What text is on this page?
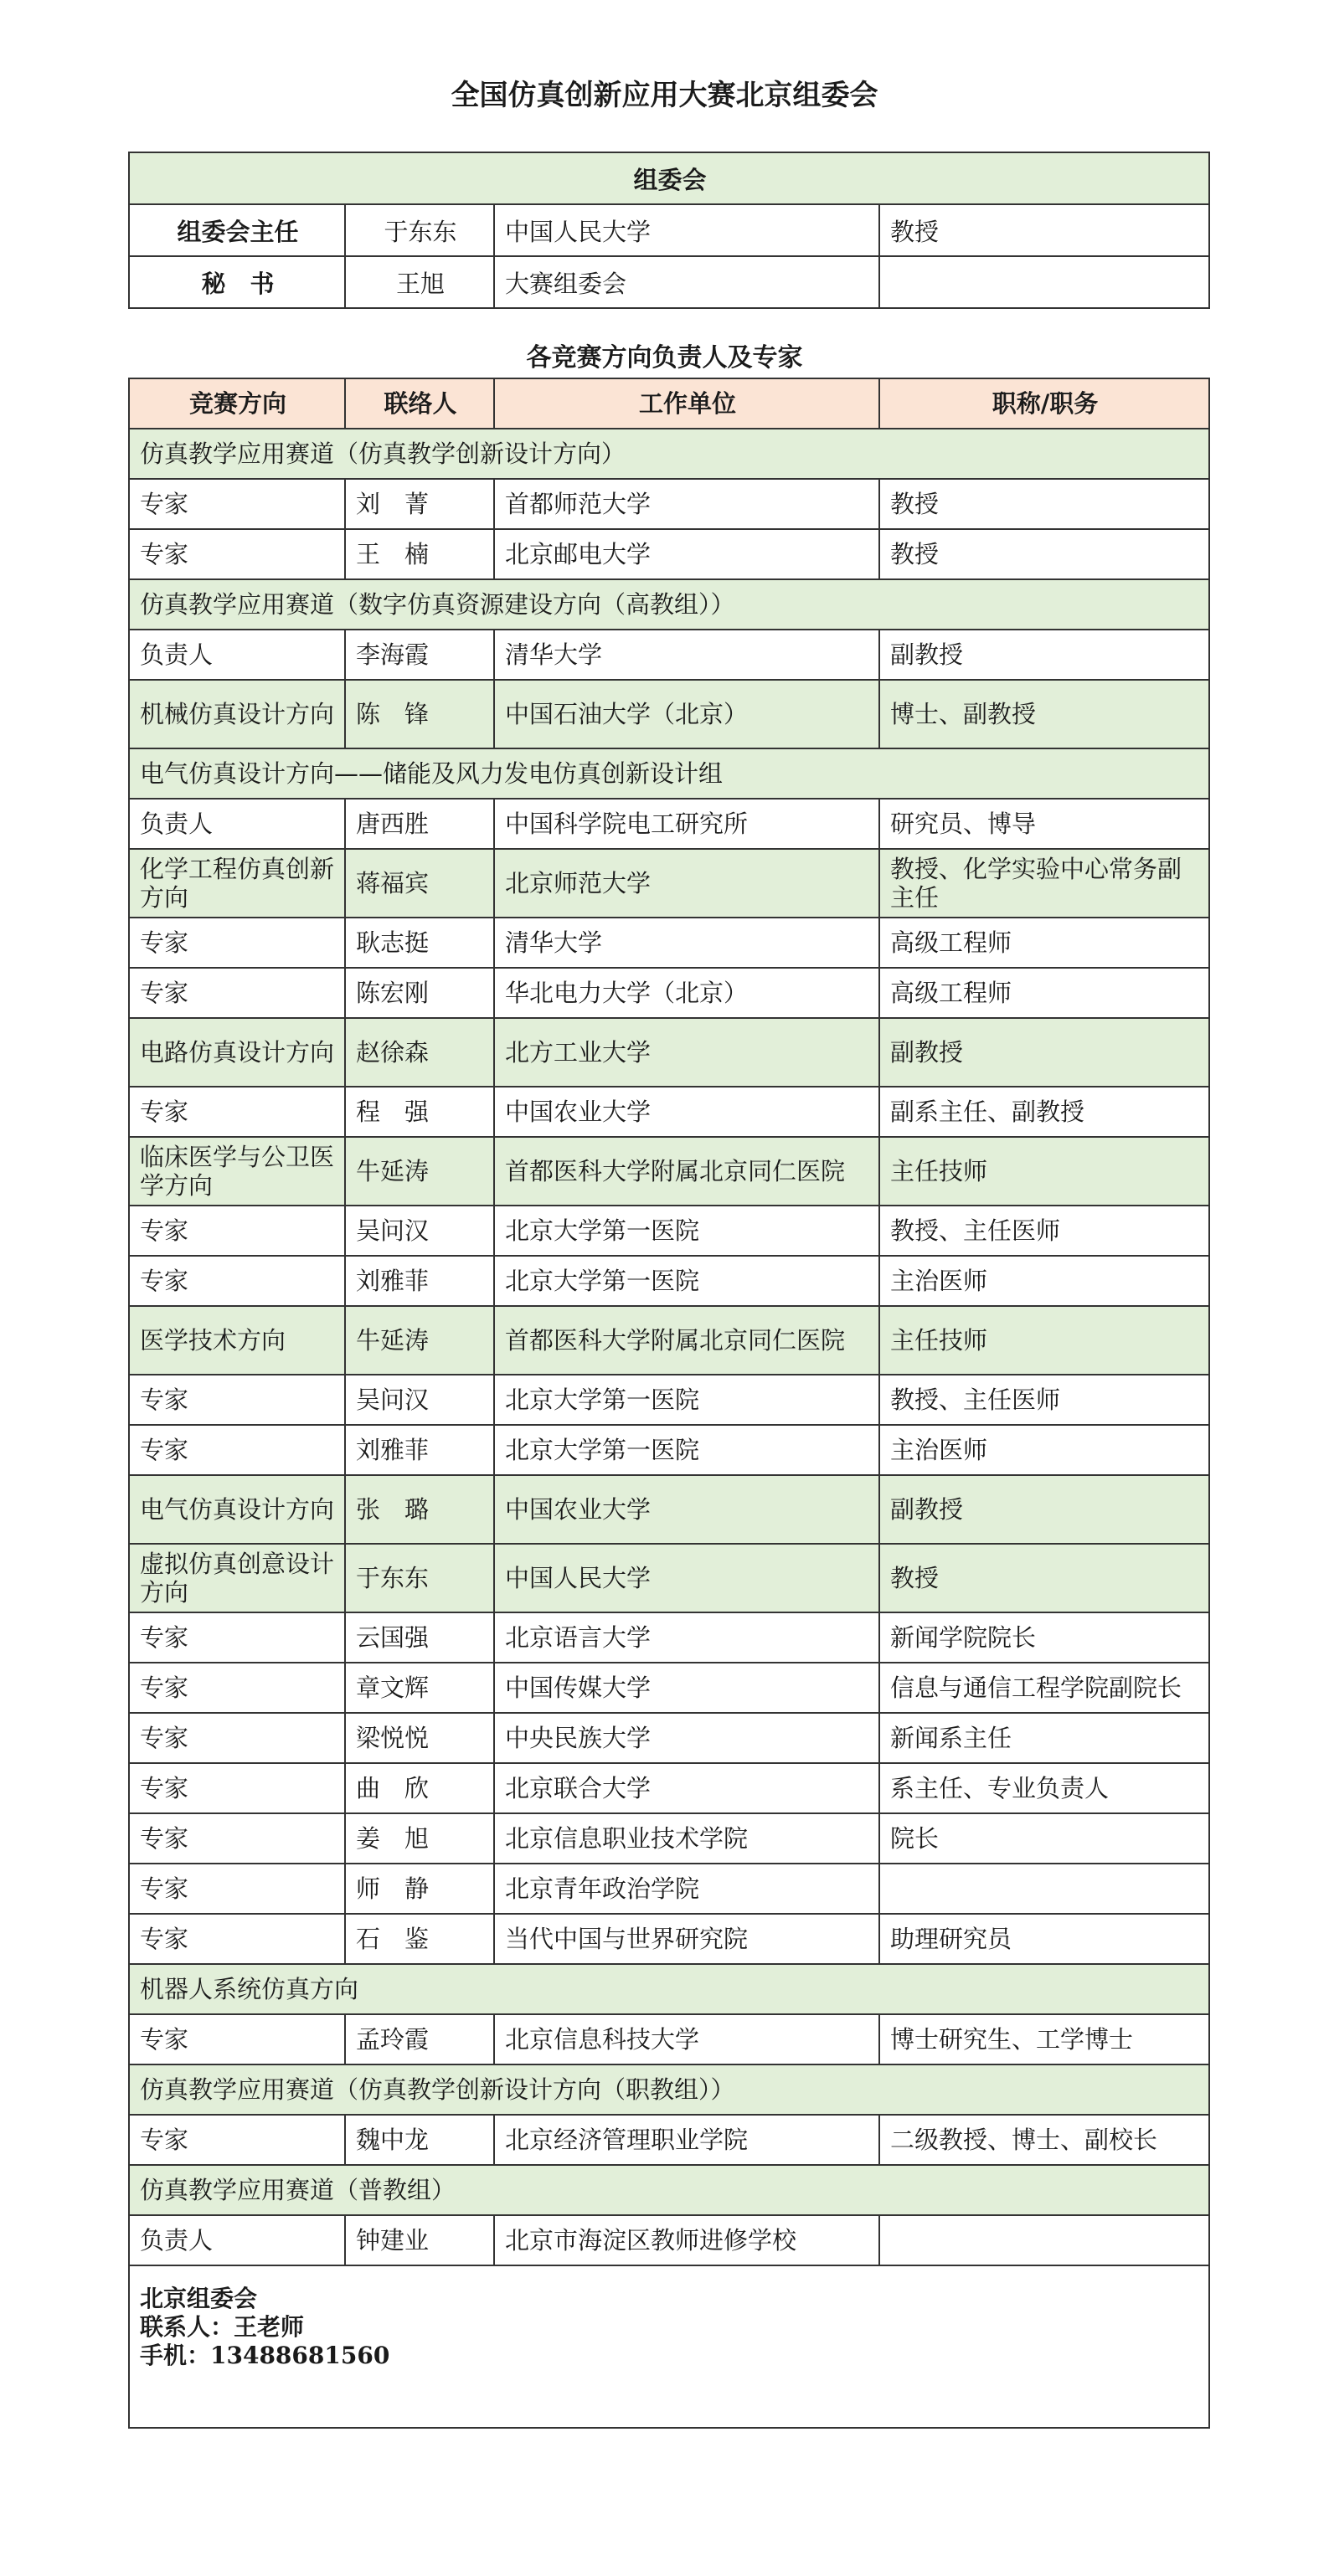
全国仿真创新应用大赛北京组委会
组委会			
组委会主任	于东东	中国人民大学	教授
秘　书	王旭	大赛组委会	
各竞赛方向负责人及专家
竞赛方向	联络人	工作单位	职称/职务
仿真教学应用赛道（仿真教学创新设计方向）			
专家	刘　菁	首都师范大学	教授
专家	王　楠	北京邮电大学	教授
仿真教学应用赛道（数字仿真资源建设方向（高教组））			
负责人	李海霞	清华大学	副教授
机械仿真设计方向	陈　锋	中国石油大学（北京）	博士、副教授
电气仿真设计方向——储能及风力发电仿真创新设计组			
负责人	唐西胜	中国科学院电工研究所	研究员、博导
化学工程仿真创新方向	蒋福宾	北京师范大学	教授、化学实验中心常务副主任
专家	耿志挺	清华大学	高级工程师
专家	陈宏刚	华北电力大学（北京）	高级工程师
电路仿真设计方向	赵徐森	北方工业大学	副教授
专家	程　强	中国农业大学	副系主任、副教授
临床医学与公卫医学方向	牛延涛	首都医科大学附属北京同仁医院	主任技师
专家	吴问汉	北京大学第一医院	教授、主任医师
专家	刘雅菲	北京大学第一医院	主治医师
医学技术方向	牛延涛	首都医科大学附属北京同仁医院	主任技师
专家	吴问汉	北京大学第一医院	教授、主任医师
专家	刘雅菲	北京大学第一医院	主治医师
电气仿真设计方向	张　璐	中国农业大学	副教授
虚拟仿真创意设计方向	于东东	中国人民大学	教授
专家	云国强	北京语言大学	新闻学院院长
专家	章文辉	中国传媒大学	信息与通信工程学院副院长
专家	梁悦悦	中央民族大学	新闻系主任
专家	曲　欣	北京联合大学	系主任、专业负责人
专家	姜　旭	北京信息职业技术学院	院长
专家	师　静	北京青年政治学院	
专家	石　鉴	当代中国与世界研究院	助理研究员
机器人系统仿真方向			
专家	孟玲霞	北京信息科技大学	博士研究生、工学博士
仿真教学应用赛道（仿真教学创新设计方向（职教组））			
专家	魏中龙	北京经济管理职业学院	二级教授、博士、副校长
仿真教学应用赛道（普教组）			
负责人	钟建业	北京市海淀区教师进修学校	

北京组委会
联系人：王老师
手机：13488681560			
